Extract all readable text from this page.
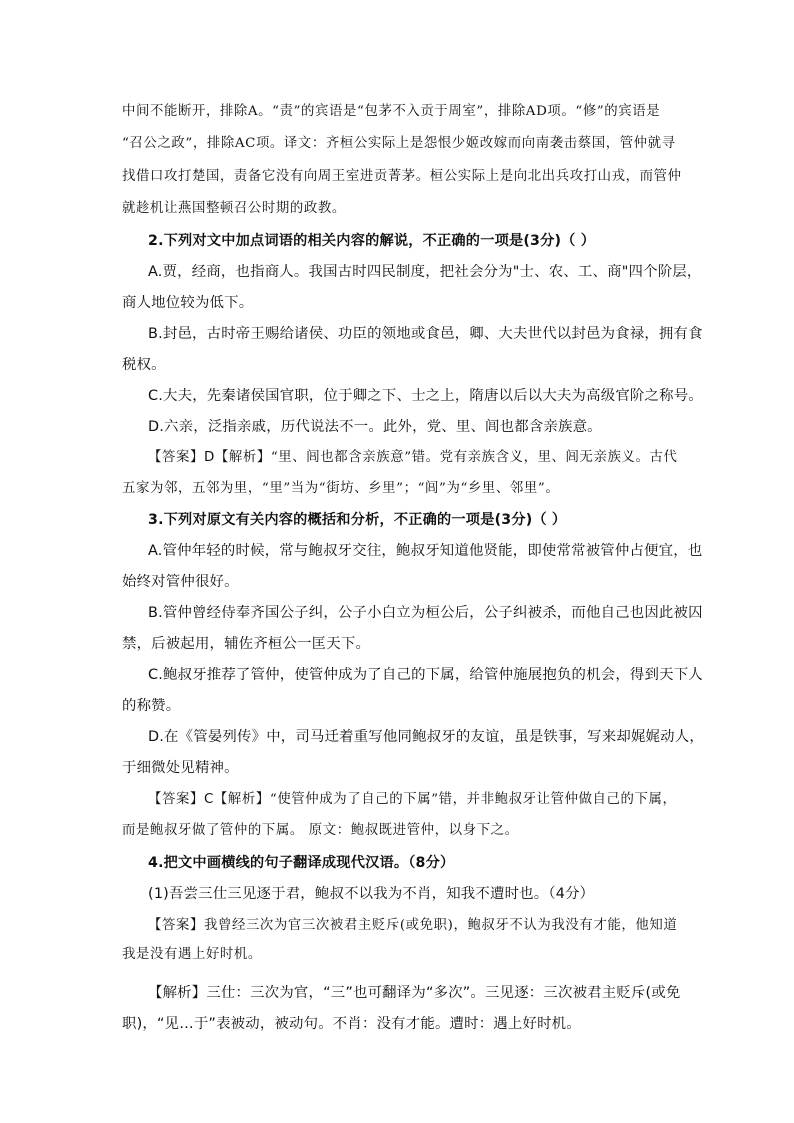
中间不能断开，排除A。“责”的宾语是“包茅不入贡于周室”，排除AD项。“修”的宾语是
“召公之政”，排除AC项。译文：齐桓公实际上是怨恨少姬改嫁而向南袭击蔡国，管仲就寻
找借口攻打楚国，责备它没有向周王室进贡菁茅。桓公实际上是向北出兵攻打山戎，而管仲
就趁机让燕国整顿召公时期的政教。
2.下列对文中加点词语的相关内容的解说，不正确的一项是(3分)（ ）
A.贾，经商，也指商人。我国古时四民制度，把社会分为"士、农、工、商"四个阶层，
商人地位较为低下。
B.封邑，古时帝王赐给诸侯、功臣的领地或食邑，卿、大夫世代以封邑为食禄，拥有食
税权。
C.大夫，先秦诸侯国官职，位于卿之下、士之上，隋唐以后以大夫为高级官阶之称号。
D.六亲，泛指亲戚，历代说法不一。此外，党、里、闾也都含亲族意。
【答案】D【解析】“里、闾也都含亲族意”错。党有亲族含义，里、闾无亲族义。古代
五家为邻，五邻为里，“里”当为“街坊、乡里”；“闾”为“乡里、邻里”。
3.下列对原文有关内容的概括和分析，不正确的一项是(3分)（ ）
A.管仲年轻的时候，常与鲍叔牙交往，鲍叔牙知道他贤能，即使常常被管仲占便宜，也
始终对管仲很好。
B.管仲曾经侍奉齐国公子纠，公子小白立为桓公后，公子纠被杀，而他自己也因此被囚
禁，后被起用，辅佐齐桓公一匡天下。
C.鲍叔牙推荐了管仲，使管仲成为了自己的下属，给管仲施展抱负的机会，得到天下人
的称赞。
D.在《管晏列传》中，司马迁着重写他同鲍叔牙的友谊，虽是铁事，写来却娓娓动人，
于细微处见精神。
【答案】C【解析】“使管仲成为了自己的下属”错，并非鲍叔牙让管仲做自己的下属，
而是鲍叔牙做了管仲的下属。 原文：鲍叔既进管仲，以身下之。
4.把文中画横线的句子翻译成现代汉语。（8分）
(1)吾尝三仕三见逐于君，鲍叔不以我为不肖，知我不遭时也。（4分）
【答案】我曾经三次为官三次被君主贬斥(或免职)，鲍叔牙不认为我没有才能，他知道
我是没有遇上好时机。
【解析】三仕：三次为官，“三”也可翻译为“多次”。三见逐：三次被君主贬斥(或免
职)，“见…于”表被动，被动句。不肖：没有才能。遭时：遇上好时机。
